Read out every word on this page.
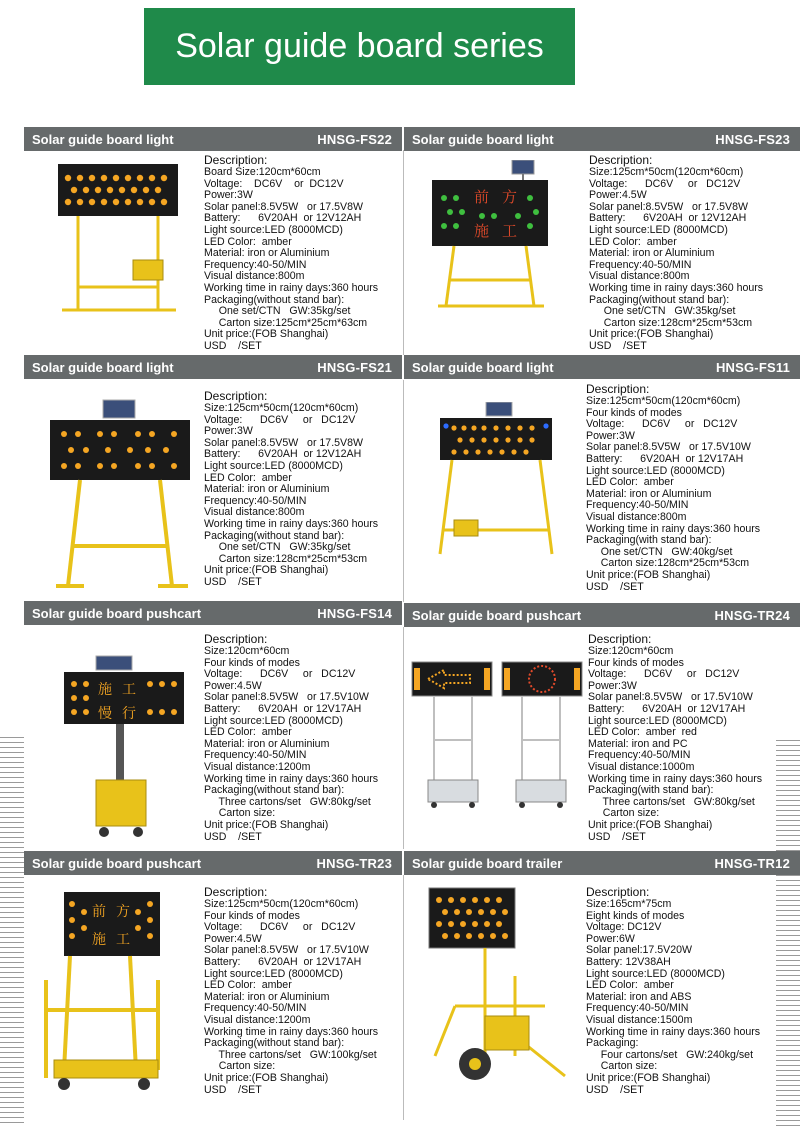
Solar guide board series
Solar guide board light	HNSG-FS22
Description:
Board Size:120cm*60cm
Voltage:    DC6V    or  DC12V
Power:3W
Solar panel:8.5V5W   or 17.5V8W
Battery:      6V20AH  or 12V12AH
Light source:LED (8000MCD)
LED Color:  amber
Material: iron or Aluminium
Frequency:40-50/MIN
Visual distance:800m
Working time in rainy days:360 hours
Packaging(without stand bar):
One set/CTN   GW:35kg/set
Carton size:125cm*25cm*63cm
Unit price:(FOB Shanghai)
USD    /SET
Solar guide board light	HNSG-FS23
Description:
Size:125cm*50cm(120cm*60cm)
Voltage:      DC6V     or   DC12V
Power:4.5W
Solar panel:8.5V5W   or 17.5V8W
Battery:      6V20AH  or 12V12AH
Light source:LED (8000MCD)
LED Color:  amber
Material: iron or Aluminium
Frequency:40-50/MIN
Visual distance:800m
Working time in rainy days:360 hours
Packaging(without stand bar):
One set/CTN   GW:35kg/set
Carton size:128cm*25cm*53cm
Unit price:(FOB Shanghai)
USD    /SET
Solar guide board light	HNSG-FS21
Description:
Size:125cm*50cm(120cm*60cm)
Voltage:      DC6V     or   DC12V
Power:3W
Solar panel:8.5V5W   or 17.5V8W
Battery:      6V20AH  or 12V12AH
Light source:LED (8000MCD)
LED Color:  amber
Material: iron or Aluminium
Frequency:40-50/MIN
Visual distance:800m
Working time in rainy days:360 hours
Packaging(without stand bar):
One set/CTN   GW:35kg/set
Carton size:128cm*25cm*53cm
Unit price:(FOB Shanghai)
USD    /SET
Solar guide board light	HNSG-FS11
Description:
Size:125cm*50cm(120cm*60cm)
Four kinds of modes
Voltage:      DC6V     or   DC12V
Power:3W
Solar panel:8.5V5W   or 17.5V10W
Battery:      6V20AH  or 12V17AH
Light source:LED (8000MCD)
LED Color:  amber
Material: iron or Aluminium
Frequency:40-50/MIN
Visual distance:800m
Working time in rainy days:360 hours
Packaging(with stand bar):
One set/CTN   GW:40kg/set
Carton size:128cm*25cm*53cm
Unit price:(FOB Shanghai)
USD    /SET
Solar guide board pushcart	HNSG-FS14
Description:
Size:120cm*60cm
Four kinds of modes
Voltage:      DC6V     or   DC12V
Power:4.5W
Solar panel:8.5V5W   or 17.5V10W
Battery:      6V20AH  or 12V17AH
Light source:LED (8000MCD)
LED Color:  amber
Material: iron or Aluminium
Frequency:40-50/MIN
Visual distance:1200m
Working time in rainy days:360 hours
Packaging(without stand bar):
Three cartons/set   GW:80kg/set
Carton size:
Unit price:(FOB Shanghai)
USD    /SET
Solar guide board pushcart	HNSG-TR24
Description:
Size:120cm*60cm
Four kinds of modes
Voltage:      DC6V     or   DC12V
Power:3W
Solar panel:8.5V5W   or 17.5V10W
Battery:      6V20AH  or 12V17AH
Light source:LED (8000MCD)
LED Color:  amber  red
Material: iron and PC
Frequency:40-50/MIN
Visual distance:1000m
Working time in rainy days:360 hours
Packaging(with stand bar):
Three cartons/set   GW:80kg/set
Carton size:
Unit price:(FOB Shanghai)
USD    /SET
Solar guide board pushcart	HNSG-TR23
Description:
Size:125cm*50cm(120cm*60cm)
Four kinds of modes
Voltage:      DC6V     or   DC12V
Power:4.5W
Solar panel:8.5V5W   or 17.5V10W
Battery:      6V20AH  or 12V17AH
Light source:LED (8000MCD)
LED Color:  amber
Material: iron or Aluminium
Frequency:40-50/MIN
Visual distance:1200m
Working time in rainy days:360 hours
Packaging(without stand bar):
Three cartons/set   GW:100kg/set
Carton size:
Unit price:(FOB Shanghai)
USD    /SET
Solar guide board trailer	HNSG-TR12
Description:
Size:165cm*75cm
Eight kinds of modes
Voltage: DC12V
Power:6W
Solar panel:17.5V20W
Battery: 12V38AH
Light source:LED (8000MCD)
LED Color:  amber
Material: iron and ABS
Frequency:40-50/MIN
Visual distance:1500m
Working time in rainy days:360 hours
Packaging:
Four cartons/set   GW:240kg/set
Carton size:
Unit price:(FOB Shanghai)
USD    /SET
前 方
施 工
施 工
慢 行
前 方
施 工
